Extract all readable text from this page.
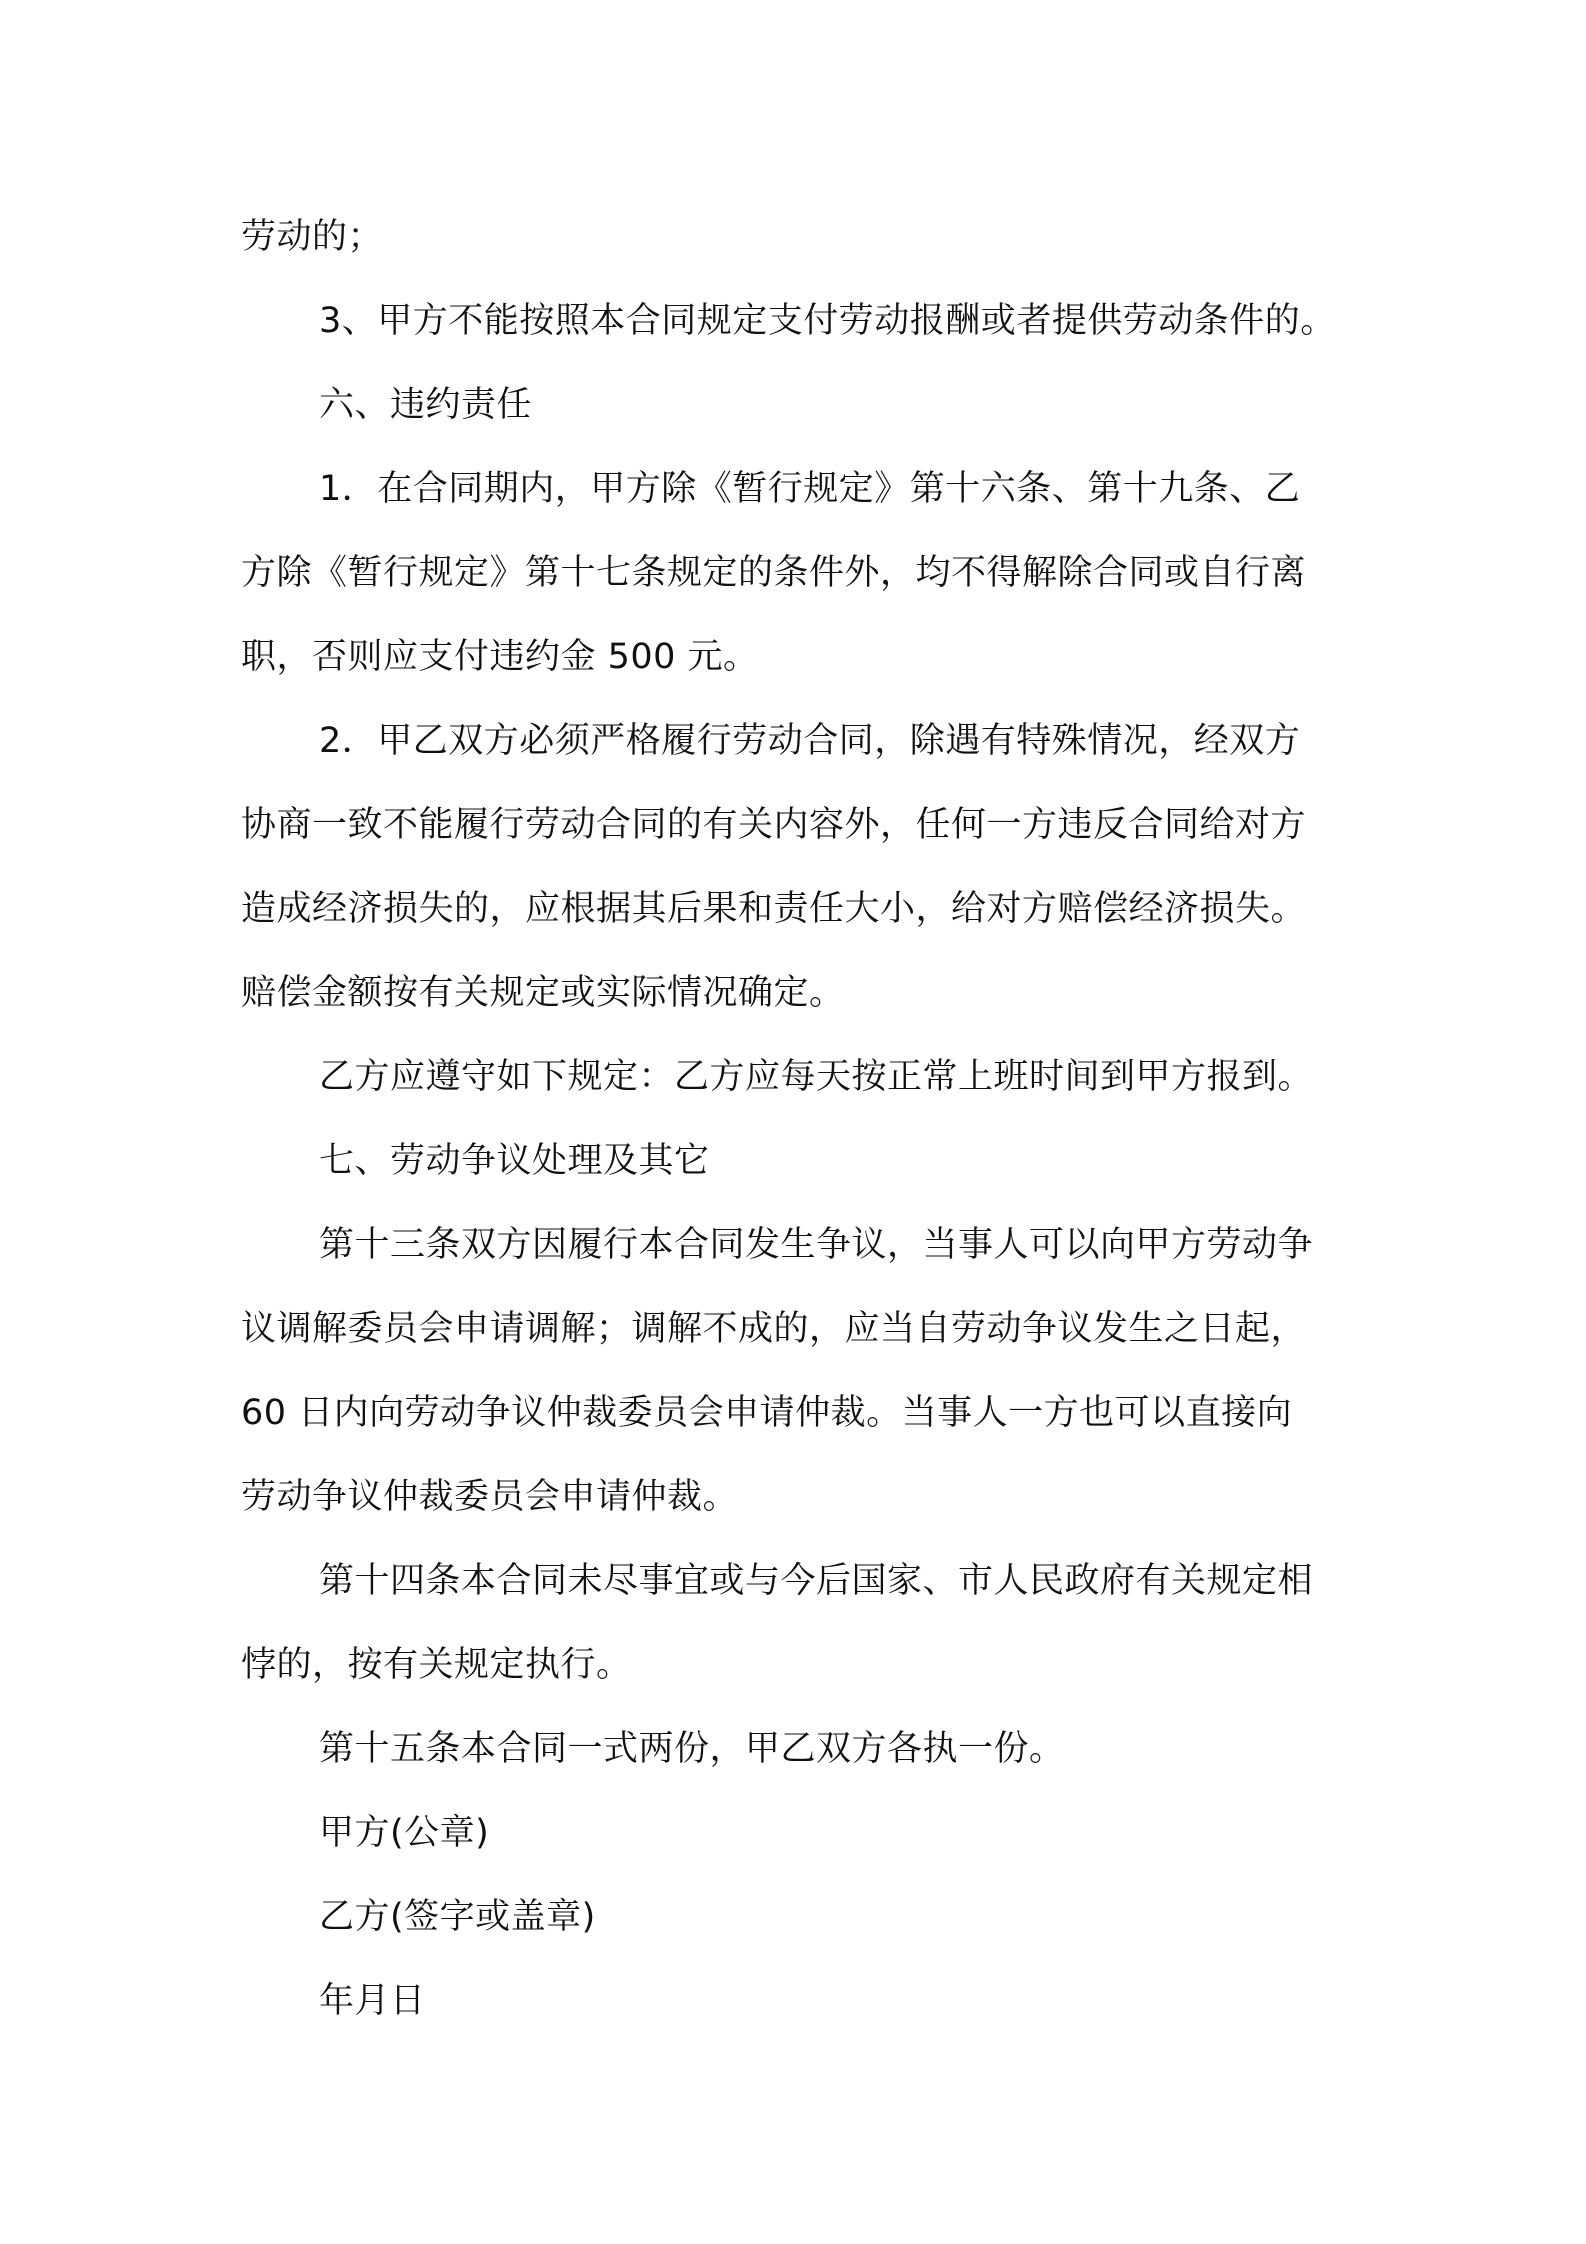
劳动的；
3、甲方不能按照本合同规定支付劳动报酬或者提供劳动条件的。
六、违约责任
1．在合同期内，甲方除《暂行规定》第十六条、第十九条、乙
方除《暂行规定》第十七条规定的条件外，均不得解除合同或自行离
职，否则应支付违约金 500 元。
2．甲乙双方必须严格履行劳动合同，除遇有特殊情况，经双方
协商一致不能履行劳动合同的有关内容外，任何一方违反合同给对方
造成经济损失的，应根据其后果和责任大小，给对方赔偿经济损失。
赔偿金额按有关规定或实际情况确定。
乙方应遵守如下规定：乙方应每天按正常上班时间到甲方报到。
七、劳动争议处理及其它
第十三条双方因履行本合同发生争议，当事人可以向甲方劳动争
议调解委员会申请调解；调解不成的，应当自劳动争议发生之日起，
60 日内向劳动争议仲裁委员会申请仲裁。当事人一方也可以直接向
劳动争议仲裁委员会申请仲裁。
第十四条本合同未尽事宜或与今后国家、市人民政府有关规定相
悖的，按有关规定执行。
第十五条本合同一式两份，甲乙双方各执一份。
甲方(公章)
乙方(签字或盖章)
年月日
